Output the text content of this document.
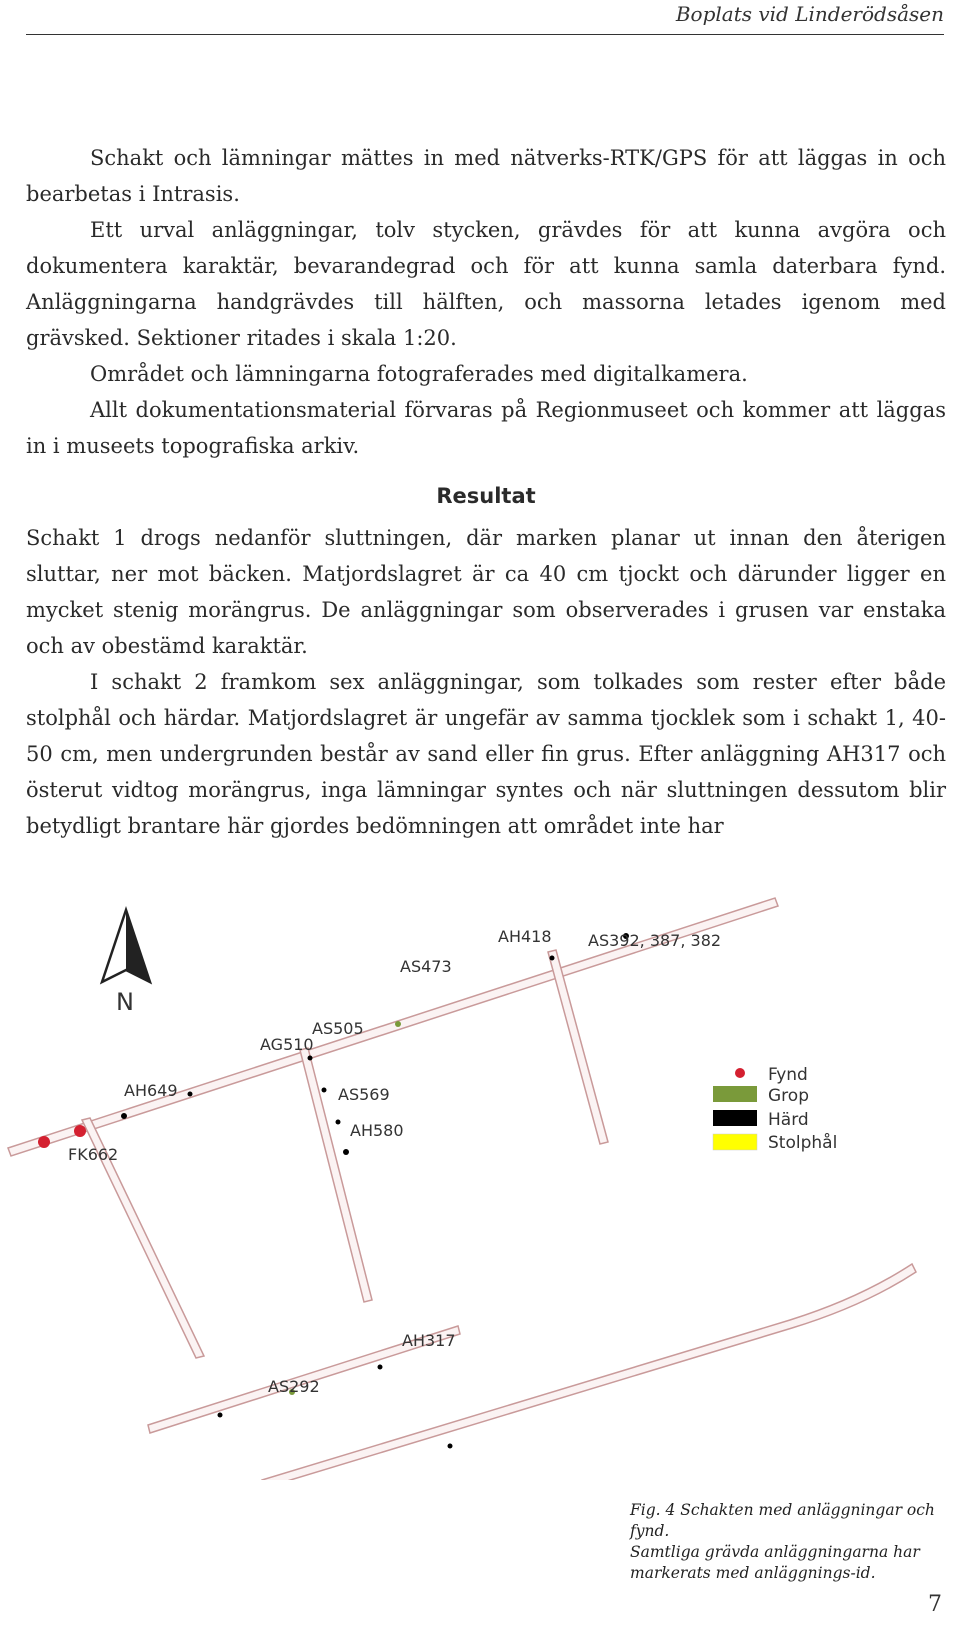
Boplats vid Linderödsåsen

Schakt och lämningar mättes in med nätverks-RTK/GPS för att läggas in och bearbetas i Intrasis.

Ett urval anläggningar, tolv stycken, grävdes för att kunna avgöra och dokumentera karaktär, bevarandegrad och för att kunna samla daterbara fynd. Anläggningarna handgrävdes till hälften, och massorna letades igenom med grävsked. Sektioner ritades i skala 1:20.

Området och lämningarna fotograferades med digitalkamera.

Allt dokumentationsmaterial förvaras på Regionmuseet och kommer att läggas in i museets topografiska arkiv.

Resultat

Schakt 1 drogs nedanför sluttningen, där marken planar ut innan den återigen sluttar, ner mot bäcken. Matjordslagret är ca 40 cm tjockt och därunder ligger en mycket stenig morängrus. De anläggningar som observerades i grusen var enstaka och av obestämd karaktär.

I schakt 2 framkom sex anläggningar, som tolkades som rester efter både stolphål och härdar. Matjordslagret är ungefär av samma tjocklek som i schakt 1, 40-50 cm, men undergrunden består av sand eller fin grus. Efter anläggning AH317 och österut vidtog morängrus, inga lämningar syntes och när sluttningen dessutom blir betydligt brantare här gjordes bedömningen att området inte har

N
AH418 AS392, 387, 382
AS473
AS505
AG510
AH649
FK662
AS569
AH580
AH317
AS292
Fynd
Grop
Härd
Stolphål

Fig. 4 Schakten med anläggningar och fynd.

Samtliga grävda anläggningarna har markerats med anläggnings-id.

7
